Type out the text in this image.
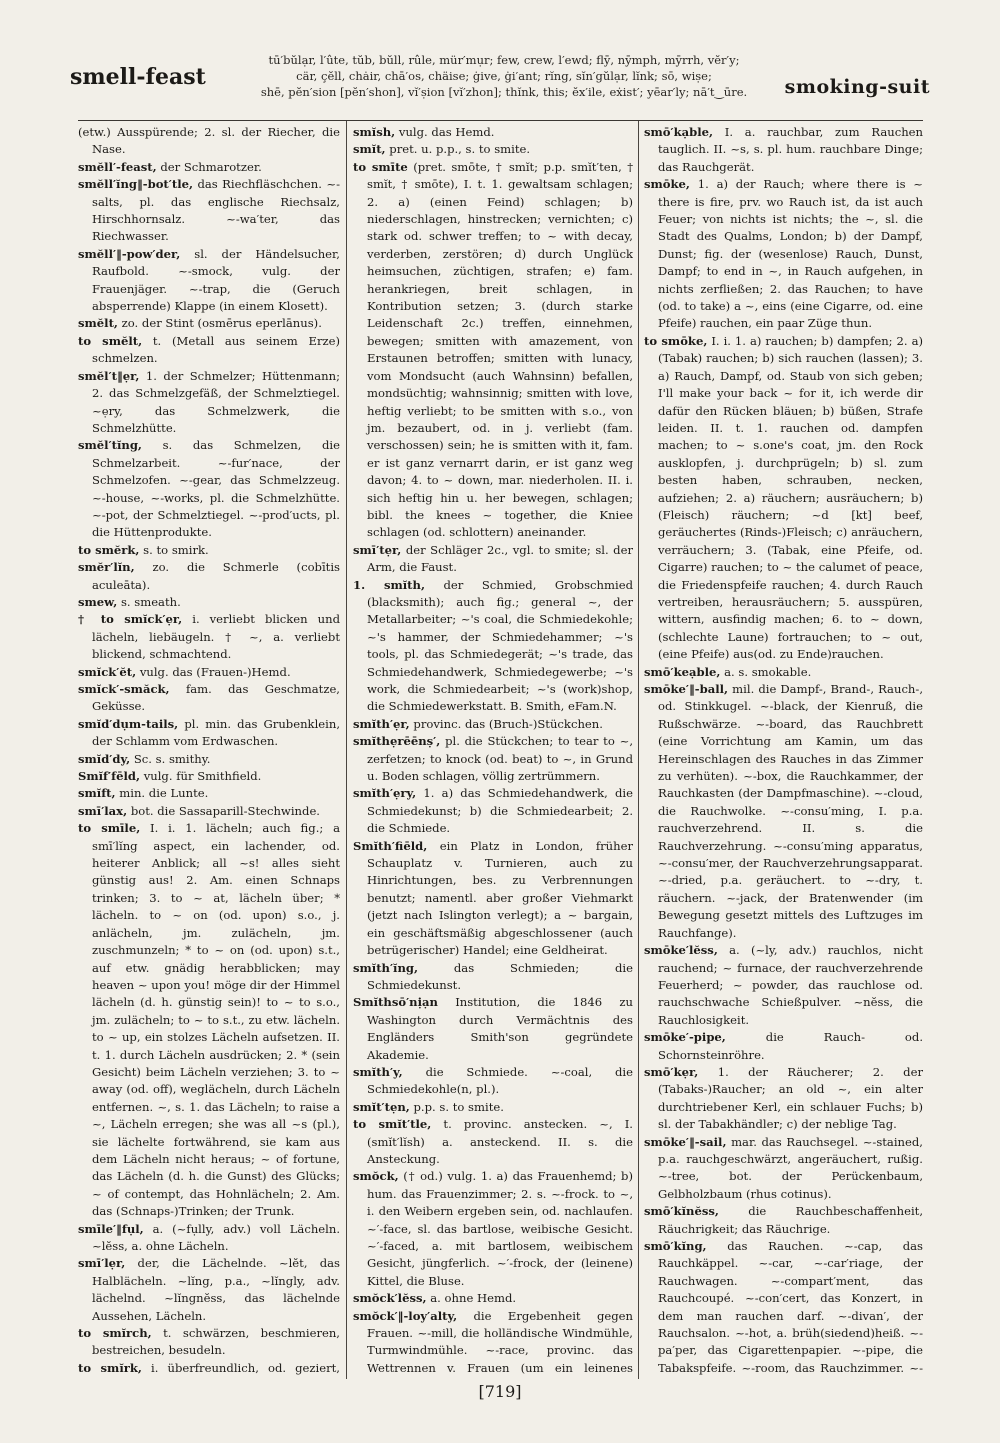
smell-feast
tū′bŭlạr, l′ûte, tŭb, bŭll, rûle, mür′mụr; few, crew, l′ewd; flȳ, nȳmph, mȳrrh, vĕr′y;
cär, çĕll, chȧir, chā′os, chäise; ġive, ġi′ant; rĭng, sĭn′gŭlạr, lĭnk; sō, wiṣe;
shē, pĕn′sion [pĕn′shon], vĭ′ṣion [vĭ′zhon]; thĭnk, this; ĕx′ile, eẋist′; yēar′ly; nā′t‿ūre.	smoking-suit
(etw.) Ausspürende; 2. sl. der Riecher, die Nase.
smĕll′-feast, der Schmarotzer.
smĕll′ĭng‖-bot′tle, das Riechfläschchen. ~-salts, pl. das englische Riechsalz, Hirschhornsalz. ~-wa′ter, das Riechwasser.
smĕll′‖-pow′der, sl. der Händelsucher, Raufbold. ~-smock, vulg. der Frauenjäger. ~-trap, die (Geruch absperrende) Klappe (in einem Klosett).
smĕlt, zo. der Stint (osmērus eperlānus).
to smĕlt, t. (Metall aus seinem Erze) schmelzen.
smĕl′t‖ẹr, 1. der Schmelzer; Hüttenmann; 2. das Schmelzgefäß, der Schmelztiegel. ~ẹry, das Schmelzwerk, die Schmelzhütte.
smĕl′tĭng, s. das Schmelzen, die Schmelzarbeit. ~-fur′nace, der Schmelzofen. ~-gear, das Schmelzzeug. ~-house, ~-works, pl. die Schmelzhütte. ~-pot, der Schmelztiegel. ~-prod′ucts, pl. die Hüttenprodukte.
to smĕrk, s. to smirk.
smĕr′lĭn, zo. die Schmerle (cobītis aculeāta).
smew, s. smeath.
† to smĭck′ẹr, i. verliebt blicken und lächeln, liebäugeln. † ~, a. verliebt blickend, schmachtend.
smĭck′ĕt, vulg. das (Frauen-)Hemd.
smĭck′-smăck, fam. das Geschmatze, Geküsse.
smĭd′dụm-tails, pl. min. das Grubenklein, der Schlamm vom Erdwaschen.
smĭd′dy, Sc. s. smithy.
Smĭf′fēld, vulg. für Smithfield.
smĭft, min. die Lunte.
smī′lax, bot. die Sassaparill-Stechwinde.
to smīle, I. i. 1. lächeln; auch fig.; a smī′lĭng aspect, ein lachender, od. heiterer Anblick; all ~s! alles sieht günstig aus! 2. Am. einen Schnaps trinken; 3. to ~ at, lächeln über; * lächeln. to ~ on (od. upon) s.o., j. anlächeln, jm. zulächeln, jm. zuschmunzeln; * to ~ on (od. upon) s.t., auf etw. gnädig herabblicken; may heaven ~ upon you! möge dir der Himmel lächeln (d. h. günstig sein)! to ~ to s.o., jm. zulächeln; to ~ to s.t., zu etw. lächeln. to ~ up, ein stolzes Lächeln aufsetzen. II. t. 1. durch Lächeln ausdrücken; 2. * (sein Gesicht) beim Lächeln verziehen; 3. to ~ away (od. off), weglächeln, durch Lächeln entfernen. ~, s. 1. das Lächeln; to raise a ~, Lächeln erregen; she was all ~s (pl.), sie lächelte fortwährend, sie kam aus dem Lächeln nicht heraus; ~ of fortune, das Lächeln (d. h. die Gunst) des Glücks; ~ of contempt, das Hohnlächeln; 2. Am. das (Schnaps-)Trinken; der Trunk.
smīle′‖fụl, a. (~fụlly, adv.) voll Lächeln. ~lĕss, a. ohne Lächeln.
smī′lẹr, der, die Lächelnde. ~lĕt, das Halblächeln. ~lĭng, p.a., ~lĭngly, adv. lächelnd. ~lĭngnĕss, das lächelnde Aussehen, Lächeln.
to smĭrch, t. schwärzen, beschmieren, bestreichen, besudeln.
to smĭrk, i. überfreundlich, od. geziert,
smĭsh, vulg. das Hemd.
smĭt, pret. u. p.p., s. to smite.
to smīte (pret. smōte, † smĭt; p.p. smĭt′ten, † smĭt, † smōte), I. t. 1. gewaltsam schlagen; 2. a) (einen Feind) schlagen; b) niederschlagen, hinstrecken; vernichten; c) stark od. schwer treffen; to ~ with decay, verderben, zerstören; d) durch Unglück heimsuchen, züchtigen, strafen; e) fam. herankriegen, breit schlagen, in Kontribution setzen; 3. (durch starke Leidenschaft 2c.) treffen, einnehmen, bewegen; smitten with amazement, von Erstaunen betroffen; smitten with lunacy, vom Mondsucht (auch Wahnsinn) befallen, mondsüchtig; wahnsinnig; smitten with love, heftig verliebt; to be smitten with s.o., von jm. bezaubert, od. in j. verliebt (fam. verschossen) sein; he is smitten with it, fam. er ist ganz vernarrt darin, er ist ganz weg davon; 4. to ~ down, mar. niederholen. II. i. sich heftig hin u. her bewegen, schlagen; bibl. the knees ~ together, die Kniee schlagen (od. schlottern) aneinander.
smī′tẹr, der Schläger 2c., vgl. to smite; sl. der Arm, die Faust.
1. smĭth, der Schmied, Grobschmied (blacksmith); auch fig.; general ~, der Metallarbeiter; ~'s coal, die Schmiedekohle; ~'s hammer, der Schmiedehammer; ~'s tools, pl. das Schmiedegerät; ~'s trade, das Schmiedehandwerk, Schmiedegewerbe; ~'s work, die Schmiedearbeit; ~'s (work)shop, die Schmiedewerkstatt. B. Smith, eFam.N.
smĭth′ẹr, provinc. das (Bruch-)Stückchen.
smĭthẹrēēnṣ′, pl. die Stückchen; to tear to ~, zerfetzen; to knock (od. beat) to ~, in Grund u. Boden schlagen, völlig zertrümmern.
smĭth′ẹry, 1. a) das Schmiedehandwerk, die Schmiedekunst; b) die Schmiedearbeit; 2. die Schmiede.
Smĭth′fiēld, ein Platz in London, früher Schauplatz v. Turnieren, auch zu Hinrichtungen, bes. zu Verbrennungen benutzt; namentl. aber großer Viehmarkt (jetzt nach Islington verlegt); a ~ bargain, ein geschäftsmäßig abgeschlossener (auch betrügerischer) Handel; eine Geldheirat.
smĭth′ĭng,	das Schmieden; die Schmiedekunst.
Smĭthsō′nịạn Institution, die 1846 zu Washington durch Vermächtnis des Engländers Smith'son gegründete Akademie.
smĭth′y, die Schmiede. ~-coal, die Schmiedekohle(n, pl.).
smĭt′tẹn, p.p. s. to smite.
to smĭt′tle, t. provinc. anstecken. ~, I. (smĭt′lĭsh) a. ansteckend. II. s. die Ansteckung.
smŏck, († od.) vulg. 1. a) das Frauenhemd; b) hum. das Frauenzimmer; 2. s. ~-frock. to ~, i. den Weibern ergeben sein, od. nachlaufen. ~′-face, sl. das bartlose, weibische Gesicht. ~′-faced, a. mit bartlosem, weibischem Gesicht, jüngferlich. ~′-frock, der (leinene) Kittel, die Bluse.
smŏck′lĕss, a. ohne Hemd.
smŏck′‖-loy′alty, die Ergebenheit gegen Frauen. ~-mill, die holländische Windmühle, Turmwindmühle. ~-race, provinc. das Wettrennen v. Frauen (um ein leinenes
smō′kạble, I. a. rauchbar, zum Rauchen tauglich. II. ~s, s. pl. hum. rauchbare Dinge; das Rauchgerät.
smōke, 1. a) der Rauch; where there is ~ there is fire, prv. wo Rauch ist, da ist auch Feuer; von nichts ist nichts; the ~, sl. die Stadt des Qualms, London; b) der Dampf, Dunst; fig. der (wesenlose) Rauch, Dunst, Dampf; to end in ~, in Rauch aufgehen, in nichts zerfließen; 2. das Rauchen; to have (od. to take) a ~, eins (eine Cigarre, od. eine Pfeife) rauchen, ein paar Züge thun.
to smōke, I. i. 1. a) rauchen; b) dampfen; 2. a) (Tabak) rauchen; b) sich rauchen (lassen); 3. a) Rauch, Dampf, od. Staub von sich geben; I'll make your back ~ for it, ich werde dir dafür den Rücken bläuen; b) büßen, Strafe leiden. II. t. 1. rauchen od. dampfen machen; to ~ s.one's coat, jm. den Rock ausklopfen, j. durchprügeln; b) sl. zum besten haben, schrauben, necken, aufziehen; 2. a) räuchern; ausräuchern; b) (Fleisch) räuchern; ~d [kt] beef, geräuchertes (Rinds-)Fleisch; c) anräuchern, verräuchern; 3. (Tabak, eine Pfeife, od. Cigarre) rauchen; to ~ the calumet of peace, die Friedenspfeife rauchen; 4. durch Rauch vertreiben, herausräuchern; 5. ausspüren, wittern, ausfindig machen; 6. to ~ down, (schlechte Laune) fortrauchen; to ~ out, (eine Pfeife) aus(od. zu Ende)rauchen.
smō′keạble, a. s. smokable.
smōke′‖-ball, mil. die Dampf-, Brand-, Rauch-, od. Stinkkugel. ~-black, der Kienruß, die Rußschwärze. ~-board, das Rauchbrett (eine Vorrichtung am Kamin, um das Hereinschlagen des Rauches in das Zimmer zu verhüten). ~-box, die Rauchkammer, der Rauchkasten (der Dampfmaschine). ~-cloud, die Rauchwolke. ~-consu′ming, I. p.a. rauchverzehrend. II. s. die Rauchverzehrung. ~-consu′ming apparatus, ~-consu′mer, der Rauchverzehrungsapparat. ~-dried, p.a. geräuchert. to ~-dry, t. räuchern. ~-jack, der Bratenwender (im Bewegung gesetzt mittels des Luftzuges im Rauchfange).
smōke′lĕss, a. (~ly, adv.) rauchlos, nicht rauchend; ~ furnace, der rauchverzehrende Feuerherd; ~ powder, das rauchlose od. rauchschwache Schießpulver. ~nĕss, die Rauchlosigkeit.
smōke′-pipe,	die Rauch- od. Schornsteinröhre.
smō′kẹr, 1. der Räucherer; 2. der (Tabaks-)Raucher; an old ~, ein alter durchtriebener Kerl, ein schlauer Fuchs; b) sl. der Tabakhändler; c) der neblige Tag.
smōke′‖-sail, mar. das Rauchsegel. ~-stained, p.a. rauchgeschwärzt, angeräuchert, rußig. ~-tree, bot. der Perückenbaum, Gelbholzbaum (rhus cotinus).
smō′kĭnĕss,	die Rauchbeschaffenheit, Räuchrigkeit; das Räuchrige.
smō′kĭng, das Rauchen. ~-cap, das Rauchkäppel. ~-car, ~-car′riage, der Rauchwagen. ~-compart′ment, das Rauchcoupé. ~-con′cert, das Konzert, in dem man rauchen darf. ~-divan′, der Rauchsalon. ~-hot, a. brüh(siedend)heiß. ~-pa′per, das Cigarettenpapier. ~-pipe, die Tabakspfeife. ~-room, das Rauchzimmer. ~-
[719]
